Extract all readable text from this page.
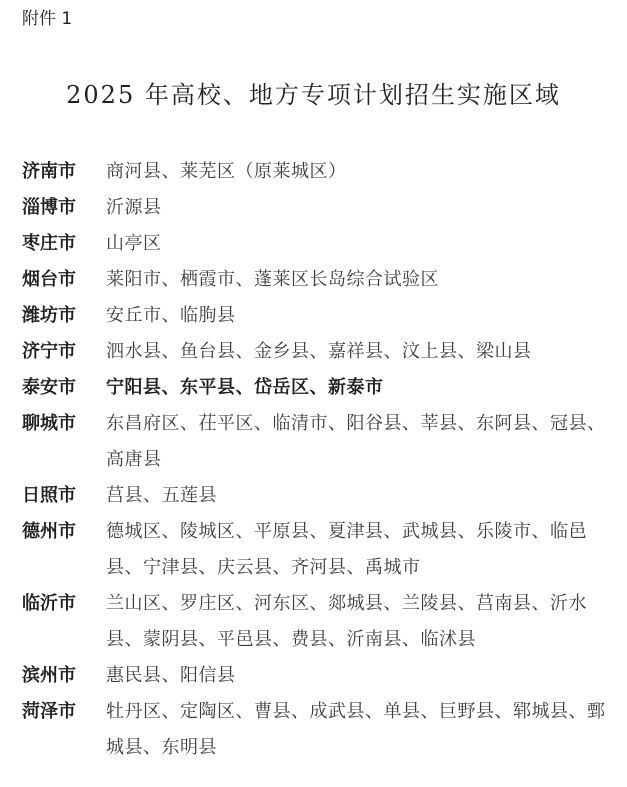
附件 1
2025 年高校、地方专项计划招生实施区域
济南市	商河县、莱芜区（原莱城区）
淄博市	沂源县
枣庄市	山亭区
烟台市	莱阳市、栖霞市、蓬莱区长岛综合试验区
潍坊市	安丘市、临朐县
济宁市	泗水县、鱼台县、金乡县、嘉祥县、汶上县、梁山县
泰安市	宁阳县、东平县、岱岳区、新泰市
聊城市	东昌府区、茌平区、临清市、阳谷县、莘县、东阿县、冠县、高唐县
日照市	莒县、五莲县
德州市	德城区、陵城区、平原县、夏津县、武城县、乐陵市、临邑县、宁津县、庆云县、齐河县、禹城市
临沂市	兰山区、罗庄区、河东区、郯城县、兰陵县、莒南县、沂水县、蒙阴县、平邑县、费县、沂南县、临沭县
滨州市	惠民县、阳信县
菏泽市	牡丹区、定陶区、曹县、成武县、单县、巨野县、郓城县、鄄城县、东明县
